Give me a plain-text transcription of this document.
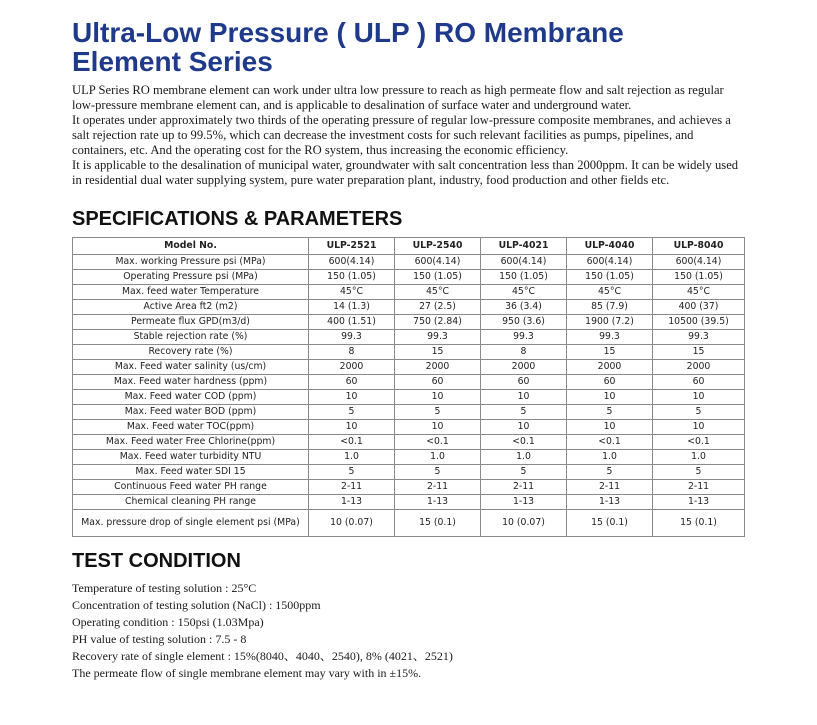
Ultra-Low Pressure ( ULP ) RO Membrane
Element Series

ULP Series RO membrane element can work under ultra low pressure to reach as high permeate flow and salt rejection as regular low-pressure membrane element can, and is applicable to desalination of surface water and underground water.

It operates under approximately two thirds of the operating pressure of regular low-pressure composite membranes, and achieves a salt rejection rate up to 99.5%, which can decrease the investment costs for such relevant facilities as pumps, pipelines, and containers, etc. And the operating cost for the RO system, thus increasing the economic efficiency.

It is applicable to the desalination of municipal water, groundwater with salt concentration less than 2000ppm. It can be widely used in residential dual water supplying system, pure water preparation plant, industry, food production and other fields etc.

SPECIFICATIONS & PARAMETERS
Model No.	ULP-2521	ULP-2540	ULP-4021	ULP-4040	ULP-8040
Max. working Pressure psi (MPa)	600(4.14)	600(4.14)	600(4.14)	600(4.14)	600(4.14)
Operating Pressure psi (MPa)	150 (1.05)	150 (1.05)	150 (1.05)	150 (1.05)	150 (1.05)
Max. feed water Temperature	45°C	45°C	45°C	45°C	45°C
Active Area ft2 (m2)	14 (1.3)	27 (2.5)	36 (3.4)	85 (7.9)	400 (37)
Permeate flux GPD(m3/d)	400 (1.51)	750 (2.84)	950 (3.6)	1900 (7.2)	10500 (39.5)
Stable rejection rate (%)	99.3	99.3	99.3	99.3	99.3
Recovery rate (%)	8	15	8	15	15
Max. Feed water salinity (us/cm)	2000	2000	2000	2000	2000
Max. Feed water hardness (ppm)	60	60	60	60	60
Max. Feed water COD (ppm)	10	10	10	10	10
Max. Feed water BOD (ppm)	5	5	5	5	5
Max. Feed water TOC(ppm)	10	10	10	10	10
Max. Feed water Free Chlorine(ppm)	<0.1	<0.1	<0.1	<0.1	<0.1
Max. Feed water turbidity NTU	1.0	1.0	1.0	1.0	1.0
Max. Feed water SDI 15	5	5	5	5	5
Continuous Feed water PH range	2-11	2-11	2-11	2-11	2-11
Chemical cleaning PH range	1-13	1-13	1-13	1-13	1-13
Max. pressure drop of single element psi (MPa)	10 (0.07)	15 (0.1)	10 (0.07)	15 (0.1)	15 (0.1)
TEST CONDITION
Temperature of testing solution : 25°C
Concentration of testing solution (NaCl) : 1500ppm
Operating condition : 150psi (1.03Mpa)
PH value of testing solution : 7.5 - 8
Recovery rate of single element : 15%(8040、4040、2540), 8% (4021、2521)
The permeate flow of single membrane element may vary with in ±15%.
